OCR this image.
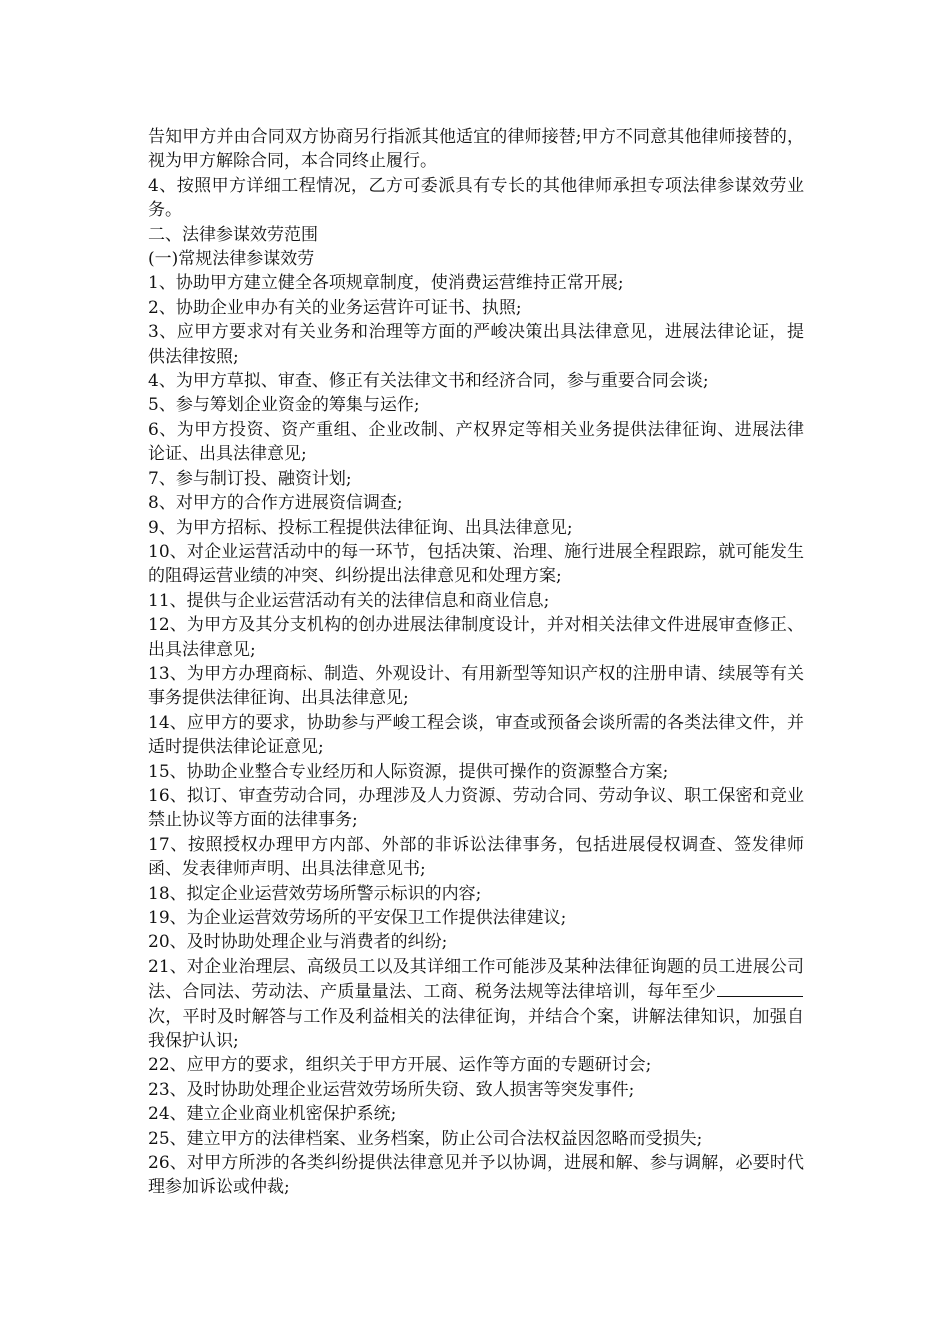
告知甲方并由合同双方协商另行指派其他适宜的律师接替;甲方不同意其他律师接替的，视为甲方解除合同，本合同终止履行。

4、按照甲方详细工程情况，乙方可委派具有专长的其他律师承担专项法律参谋效劳业务。

二、法律参谋效劳范围

(一)常规法律参谋效劳

1、协助甲方建立健全各项规章制度，使消费运营维持正常开展;

2、协助企业申办有关的业务运营许可证书、执照;

3、应甲方要求对有关业务和治理等方面的严峻决策出具法律意见，进展法律论证，提供法律按照;

4、为甲方草拟、审查、修正有关法律文书和经济合同，参与重要合同会谈;

5、参与筹划企业资金的筹集与运作;

6、为甲方投资、资产重组、企业改制、产权界定等相关业务提供法律征询、进展法律论证、出具法律意见;

7、参与制订投、融资计划;

8、对甲方的合作方进展资信调查;

9、为甲方招标、投标工程提供法律征询、出具法律意见;

10、对企业运营活动中的每一环节，包括决策、治理、施行进展全程跟踪，就可能发生的阻碍运营业绩的冲突、纠纷提出法律意见和处理方案;

11、提供与企业运营活动有关的法律信息和商业信息;

12、为甲方及其分支机构的创办进展法律制度设计，并对相关法律文件进展审查修正、出具法律意见;

13、为甲方办理商标、制造、外观设计、有用新型等知识产权的注册申请、续展等有关事务提供法律征询、出具法律意见;

14、应甲方的要求，协助参与严峻工程会谈，审查或预备会谈所需的各类法律文件，并适时提供法律论证意见;

15、协助企业整合专业经历和人际资源，提供可操作的资源整合方案;

16、拟订、审查劳动合同，办理涉及人力资源、劳动合同、劳动争议、职工保密和竞业禁止协议等方面的法律事务;

17、按照授权办理甲方内部、外部的非诉讼法律事务，包括进展侵权调查、签发律师函、发表律师声明、出具法律意见书;

18、拟定企业运营效劳场所警示标识的内容;

19、为企业运营效劳场所的平安保卫工作提供法律建议;

20、及时协助处理企业与消费者的纠纷;

21、对企业治理层、高级员工以及其详细工作可能涉及某种法律征询题的员工进展公司法、合同法、劳动法、产质量量法、工商、税务法规等法律培训，每年至少次，平时及时解答与工作及利益相关的法律征询，并结合个案，讲解法律知识，加强自我保护认识;

22、应甲方的要求，组织关于甲方开展、运作等方面的专题研讨会;

23、及时协助处理企业运营效劳场所失窃、致人损害等突发事件;

24、建立企业商业机密保护系统;

25、建立甲方的法律档案、业务档案，防止公司合法权益因忽略而受损失;

26、对甲方所涉的各类纠纷提供法律意见并予以协调，进展和解、参与调解，必要时代理参加诉讼或仲裁;
